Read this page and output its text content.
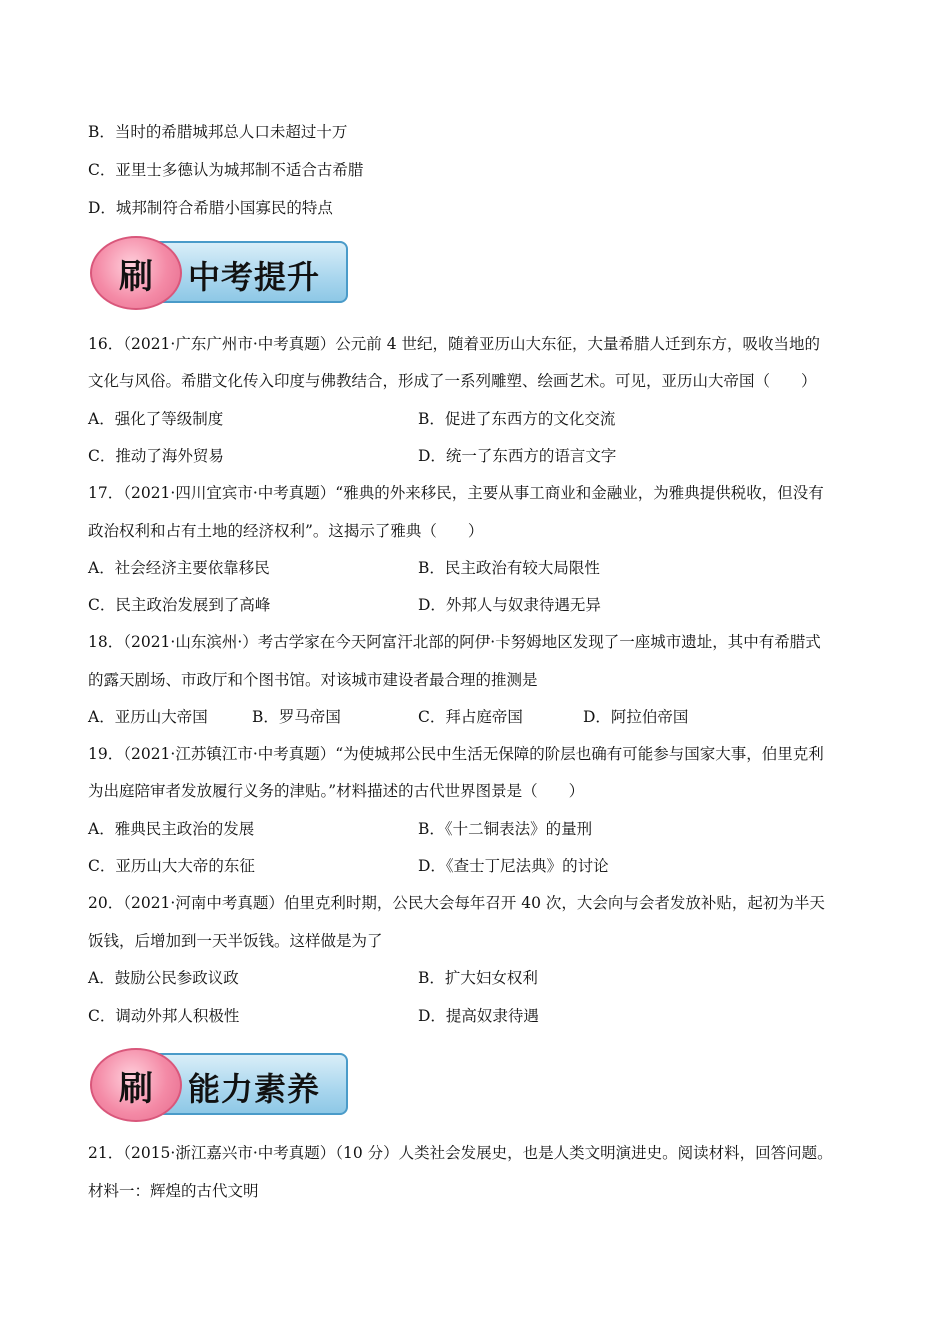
B．当时的希腊城邦总人口未超过十万
C．亚里士多德认为城邦制不适合古希腊
D．城邦制符合希腊小国寡民的特点
刷 中考提升
16．（2021·广东广州市·中考真题）公元前 4 世纪，随着亚历山大东征，大量希腊人迁到东方，吸收当地的
文化与风俗。希腊文化传入印度与佛教结合，形成了一系列雕塑、绘画艺术。可见，亚历山大帝国（　　）
A．强化了等级制度	B．促进了东西方的文化交流
C．推动了海外贸易	D．统一了东西方的语言文字
17．（2021·四川宜宾市·中考真题）“雅典的外来移民，主要从事工商业和金融业，为雅典提供税收，但没有
政治权利和占有土地的经济权利”。这揭示了雅典（　　）
A．社会经济主要依靠移民	B．民主政治有较大局限性
C．民主政治发展到了高峰	D．外邦人与奴隶待遇无异
18．（2021·山东滨州·）考古学家在今天阿富汗北部的阿伊·卡努姆地区发现了一座城市遗址，其中有希腊式
的露天剧场、市政厅和个图书馆。对该城市建设者最合理的推测是
A．亚历山大帝国	B．罗马帝国	C．拜占庭帝国	D．阿拉伯帝国
19．（2021·江苏镇江市·中考真题）“为使城邦公民中生活无保障的阶层也确有可能参与国家大事，伯里克利
为出庭陪审者发放履行义务的津贴。”材料描述的古代世界图景是（　　）
A．雅典民主政治的发展	B．《十二铜表法》的量刑
C．亚历山大大帝的东征	D．《查士丁尼法典》的讨论
20．（2021·河南中考真题）伯里克利时期，公民大会每年召开 40 次，大会向与会者发放补贴，起初为半天
饭钱，后增加到一天半饭钱。这样做是为了
A．鼓励公民参政议政	B．扩大妇女权利
C．调动外邦人积极性	D．提高奴隶待遇
刷 能力素养
21．（2015·浙江嘉兴市·中考真题）（10 分）人类社会发展史，也是人类文明演进史。阅读材料，回答问题。
材料一：辉煌的古代文明
